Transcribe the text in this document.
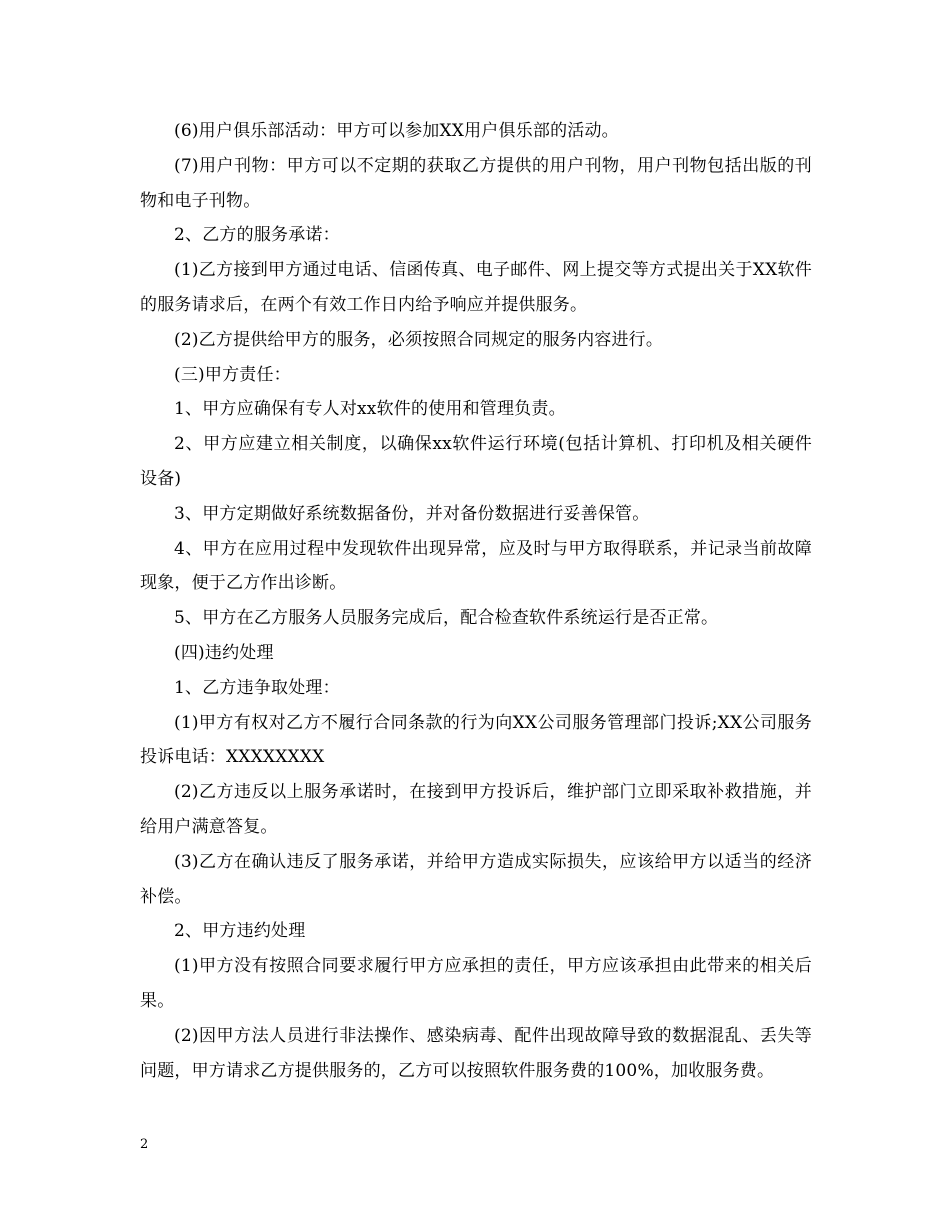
(6)用户俱乐部活动：甲方可以参加XX用户俱乐部的活动。

(7)用户刊物：甲方可以不定期的获取乙方提供的用户刊物，用户刊物包括出版的刊物和电子刊物。

2、乙方的服务承诺：

(1)乙方接到甲方通过电话、信函传真、电子邮件、网上提交等方式提出关于XX软件的服务请求后，在两个有效工作日内给予响应并提供服务。

(2)乙方提供给甲方的服务，必须按照合同规定的服务内容进行。

(三)甲方责任：

1、甲方应确保有专人对xx软件的使用和管理负责。

2、甲方应建立相关制度，以确保xx软件运行环境(包括计算机、打印机及相关硬件设备)

3、甲方定期做好系统数据备份，并对备份数据进行妥善保管。

4、甲方在应用过程中发现软件出现异常，应及时与甲方取得联系，并记录当前故障现象，便于乙方作出诊断。

5、甲方在乙方服务人员服务完成后，配合检查软件系统运行是否正常。

(四)违约处理

1、乙方违争取处理：

(1)甲方有权对乙方不履行合同条款的行为向XX公司服务管理部门投诉;XX公司服务投诉电话：XXXXXXXX

(2)乙方违反以上服务承诺时，在接到甲方投诉后，维护部门立即采取补救措施，并给用户满意答复。

(3)乙方在确认违反了服务承诺，并给甲方造成实际损失，应该给甲方以适当的经济补偿。

2、甲方违约处理

(1)甲方没有按照合同要求履行甲方应承担的责任，甲方应该承担由此带来的相关后果。

(2)因甲方法人员进行非法操作、感染病毒、配件出现故障导致的数据混乱、丢失等问题，甲方请求乙方提供服务的，乙方可以按照软件服务费的100%，加收服务费。

2
